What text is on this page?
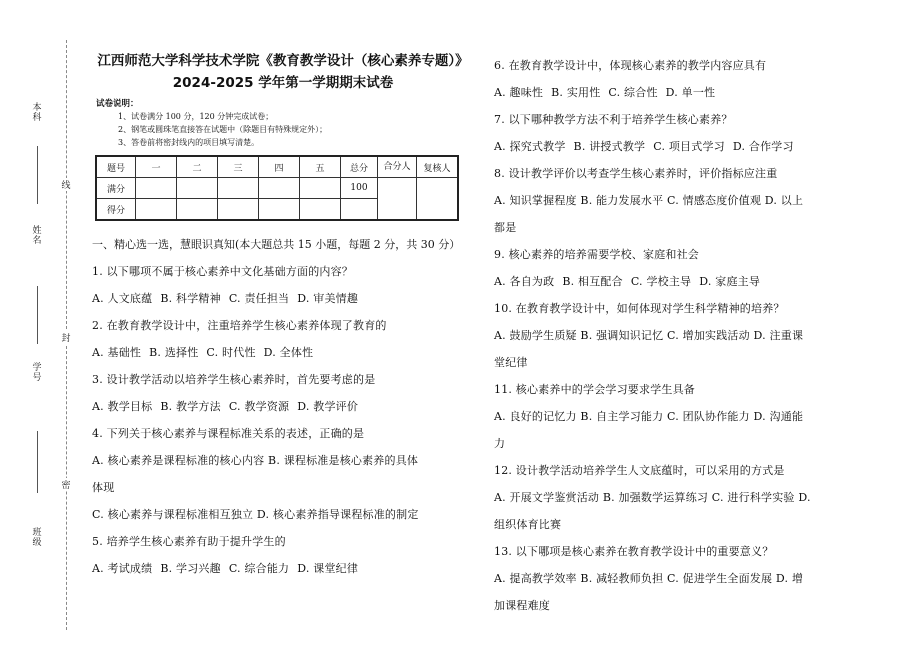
本科
线
姓名
封
学号
密
班级

江西师范大学科学技术学院《教育教学设计（核心素养专题）》

2024-2025 学年第一学期期末试卷

试卷说明：
1、试卷满分 100 分，120 分钟完成试卷；
2、钢笔或圆珠笔直接答在试题中（除题目有特殊规定外）；
3、答卷前将密封线内的项目填写清楚。
题号	一	二	三	四	五	总分	合分人	复核人
满分						100		
得分								

一、精心选一选，慧眼识真知(本大题总共 15 小题，每题 2 分，共 30 分）

1. 以下哪项不属于核心素养中文化基础方面的内容？

A. 人文底蕴 B. 科学精神 C. 责任担当 D. 审美情趣

2. 在教育教学设计中，注重培养学生核心素养体现了教育的

A. 基础性 B. 选择性 C. 时代性 D. 全体性

3. 设计教学活动以培养学生核心素养时，首先要考虑的是

A. 教学目标 B. 教学方法 C. 教学资源 D. 教学评价

4. 下列关于核心素养与课程标准关系的表述，正确的是

A. 核心素养是课程标准的核心内容 B. 课程标准是核心素养的具体

体现

C. 核心素养与课程标准相互独立 D. 核心素养指导课程标准的制定

5. 培养学生核心素养有助于提升学生的

A. 考试成绩 B. 学习兴趣 C. 综合能力 D. 课堂纪律

6. 在教育教学设计中，体现核心素养的教学内容应具有

A. 趣味性 B. 实用性 C. 综合性 D. 单一性

7. 以下哪种教学方法不利于培养学生核心素养？

A. 探究式教学 B. 讲授式教学 C. 项目式学习 D. 合作学习

8. 设计教学评价以考查学生核心素养时，评价指标应注重

A. 知识掌握程度 B. 能力发展水平 C. 情感态度价值观 D. 以上

都是

9. 核心素养的培养需要学校、家庭和社会

A. 各自为政 B. 相互配合 C. 学校主导 D. 家庭主导

10. 在教育教学设计中，如何体现对学生科学精神的培养？

A. 鼓励学生质疑 B. 强调知识记忆 C. 增加实践活动 D. 注重课

堂纪律

11. 核心素养中的学会学习要求学生具备

A. 良好的记忆力 B. 自主学习能力 C. 团队协作能力 D. 沟通能

力

12. 设计教学活动培养学生人文底蕴时，可以采用的方式是

A. 开展文学鉴赏活动 B. 加强数学运算练习 C. 进行科学实验 D.

组织体育比赛

13. 以下哪项是核心素养在教育教学设计中的重要意义？

A. 提高教学效率 B. 减轻教师负担 C. 促进学生全面发展 D. 增

加课程难度
